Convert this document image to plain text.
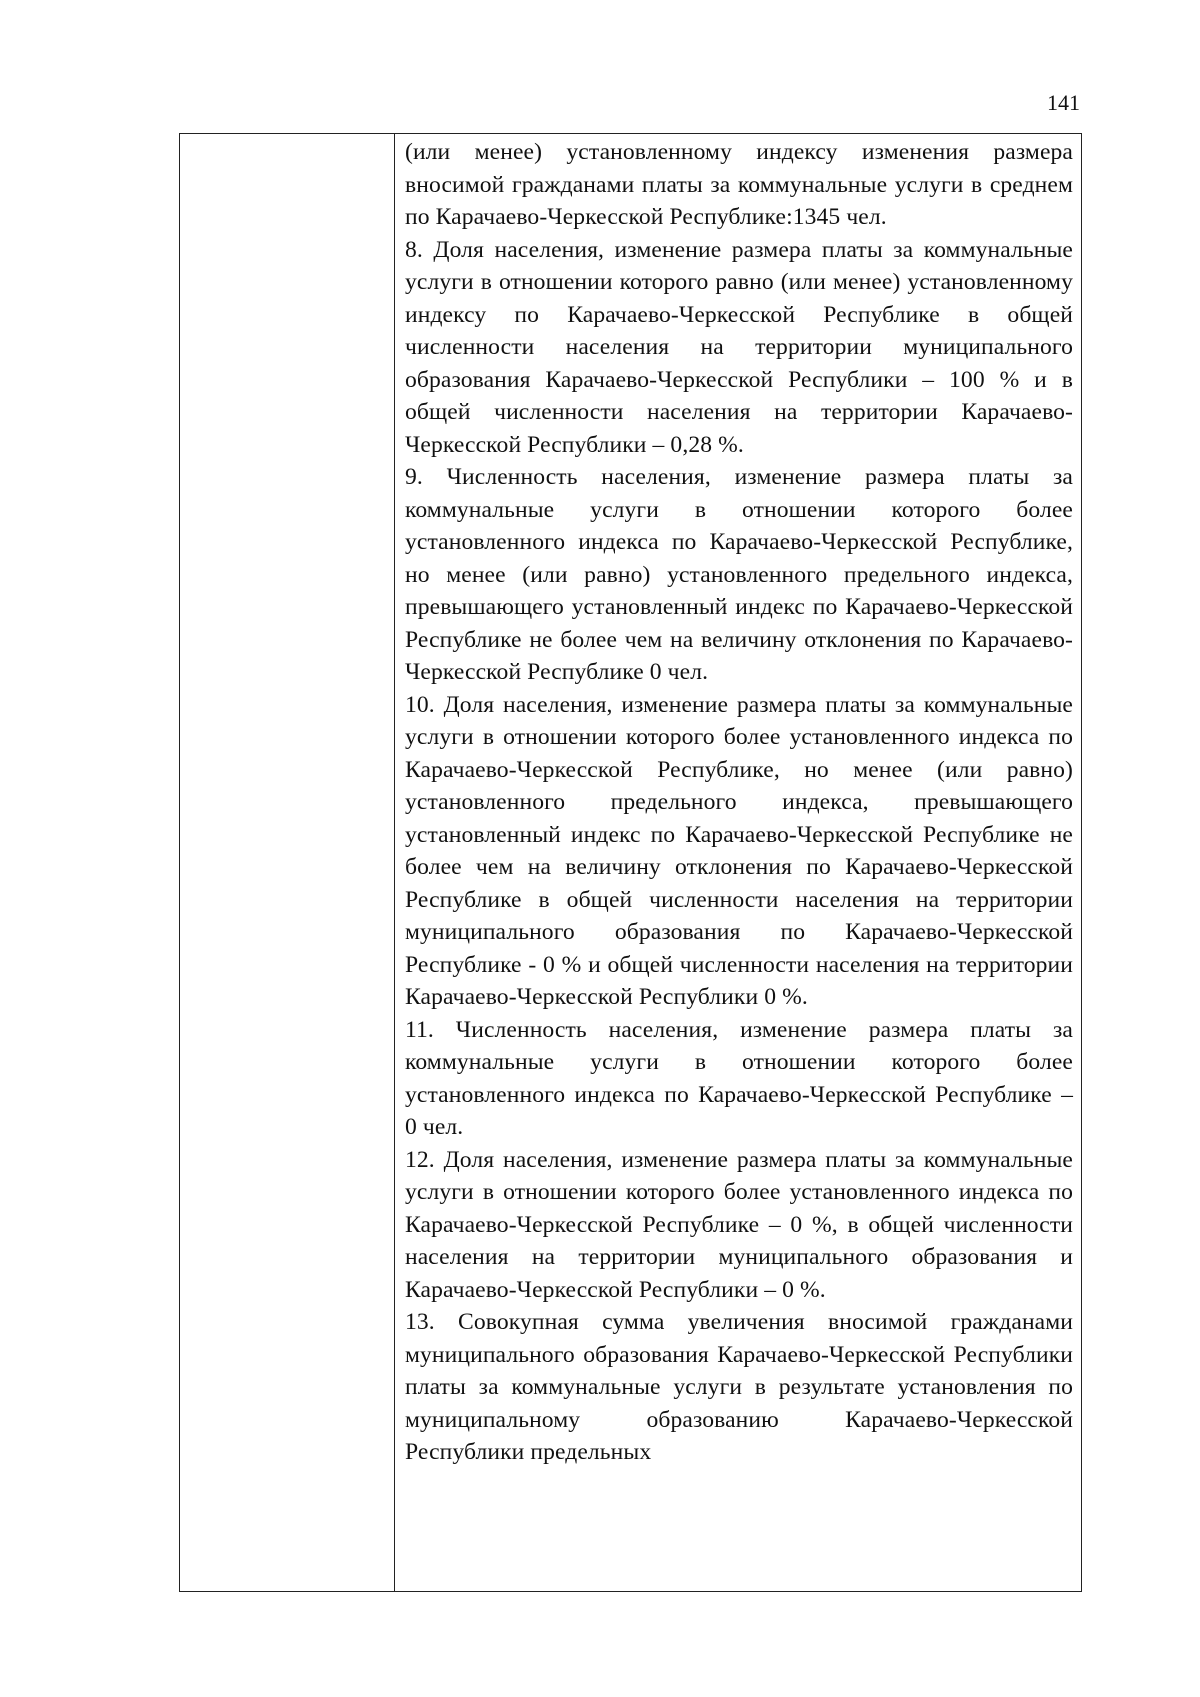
141

(или менее) установленному индексу изменения размера вносимой гражданами платы за коммунальные услуги в среднем по Карачаево-Черкесской Республике:1345 чел.

8. Доля населения, изменение размера платы за коммунальные услуги в отношении которого равно (или менее) установленному индексу по Карачаево-Черкесской Республике в общей численности населения на территории муниципального образования Карачаево-Черкесской Республики – 100 % и в общей численности населения на территории Карачаево-Черкесской Республики – 0,28 %.

9. Численность населения, изменение размера платы за коммунальные услуги в отношении которого более установленного индекса по Карачаево-Черкесской Республике, но менее (или равно) установленного предельного индекса, превышающего установленный индекс по Карачаево-Черкесской Республике не более чем на величину отклонения по Карачаево-Черкесской Республике 0 чел.

10. Доля населения, изменение размера платы за коммунальные услуги в отношении которого более установленного индекса по Карачаево-Черкесской Республике, но менее (или равно) установленного предельного индекса, превышающего установленный индекс по Карачаево-Черкесской Республике не более чем на величину отклонения по Карачаево-Черкесской Республике в общей численности населения на территории муниципального образования по Карачаево-Черкесской Республике - 0 % и общей численности населения на территории Карачаево-Черкесской Республики 0 %.

11. Численность населения, изменение размера платы за коммунальные услуги в отношении которого более установленного индекса по Карачаево-Черкесской Республике – 0 чел.

12. Доля населения, изменение размера платы за коммунальные услуги в отношении которого более установленного индекса по Карачаево-Черкесской Республике – 0 %, в общей численности населения на территории муниципального образования и Карачаево-Черкесской Республики – 0 %.

13. Совокупная сумма увеличения вносимой гражданами муниципального образования Карачаево-Черкесской Республики платы за коммунальные услуги в результате установления по муниципальному образованию Карачаево-Черкесской Республики предельных
